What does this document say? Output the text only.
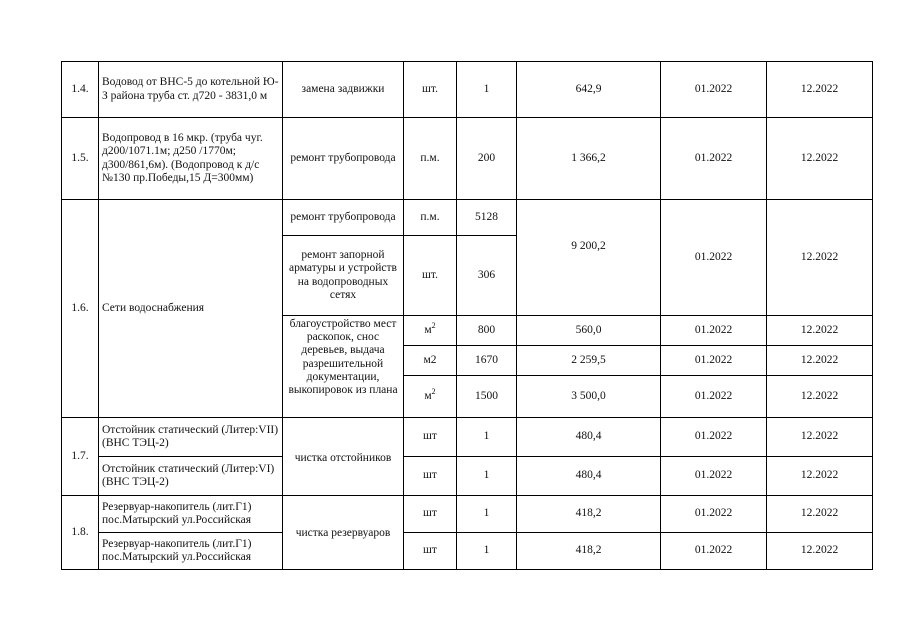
1.4.	Водовод от ВНС-5 до котельной Ю-З района труба ст. д720 - 3831,0 м	замена задвижки	шт.	1	642,9	01.2022	12.2022
1.5.	Водопровод в 16 мкр. (труба чуг. д200/1071.1м; д250 /1770м; д300/861,6м). (Водопровод к д/с №130 пр.Победы,15 Д=300мм)	ремонт трубопровода	п.м.	200	1 366,2	01.2022	12.2022
1.6.	Сети водоснабжения	ремонт трубопровода	п.м.	5128	9 200,2	01.2022	12.2022
		ремонт запорной арматуры и устройств на водопроводных сетях	шт.	306			
		благоустройство мест раскопок, снос деревьев, выдача разрешительной документации, выкопировок из плана	$м^2$	800	560,0	01.2022	12.2022
			м2	1670	2 259,5	01.2022	12.2022
			$м^2$	1500	3 500,0	01.2022	12.2022
1.7.	Отстойник статический (Литер:VII) (ВНС ТЭЦ-2)	чистка отстойников	шт	1	480,4	01.2022	12.2022
	Отстойник статический (Литер:VI) (ВНС ТЭЦ-2)		шт	1	480,4	01.2022	12.2022
1.8.	Резервуар-накопитель (лит.Г1) пос.Матырский ул.Российская	чистка резервуаров	шт	1	418,2	01.2022	12.2022
	Резервуар-накопитель (лит.Г1) пос.Матырский ул.Российская		шт	1	418,2	01.2022	12.2022
